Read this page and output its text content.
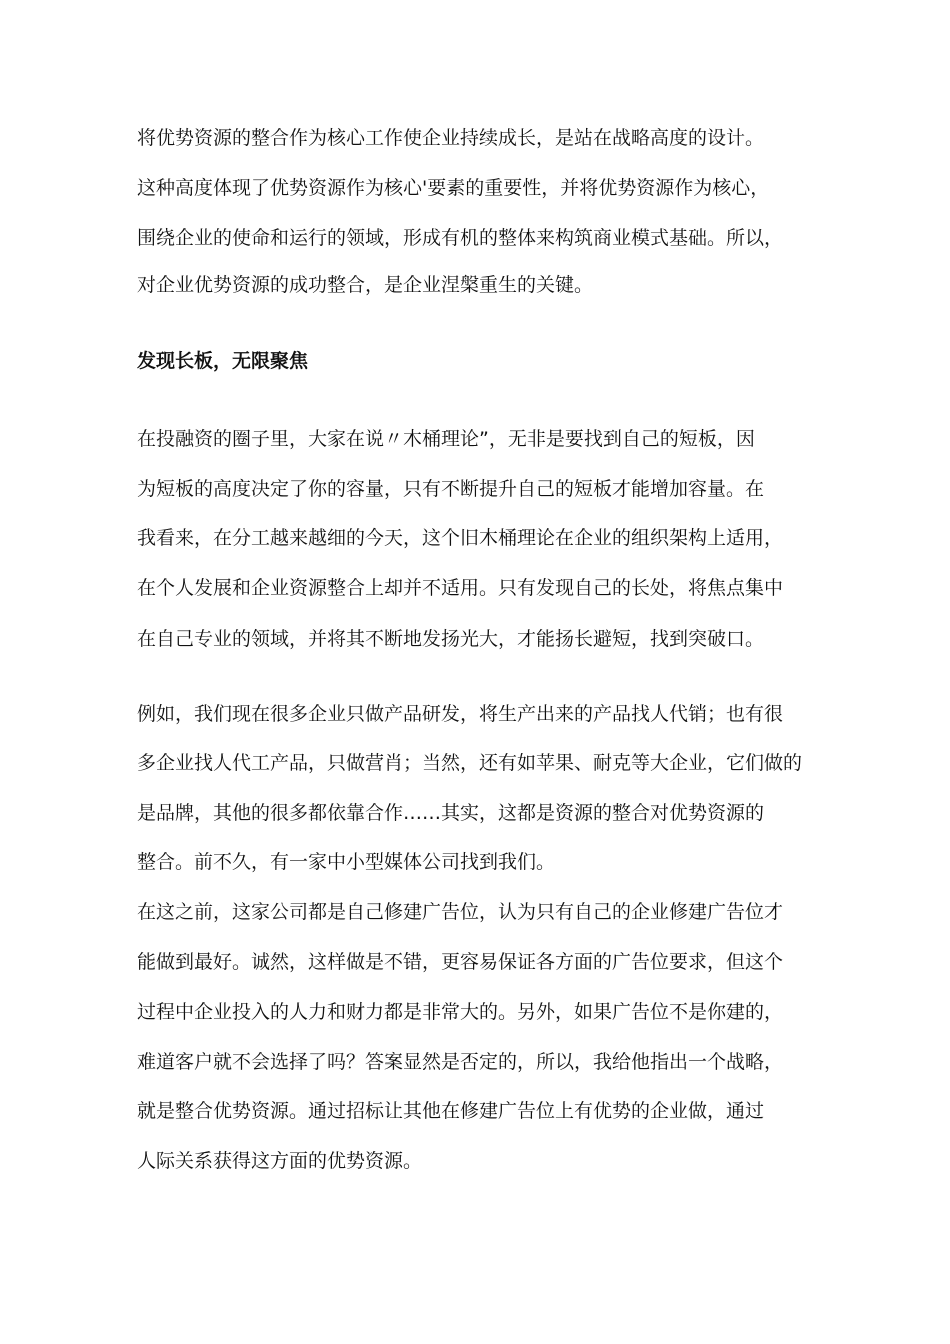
将优势资源的整合作为核心工作使企业持续成长，是站在战略高度的设计。
这种高度体现了优势资源作为核心'要素的重要性，并将优势资源作为核心，
围绕企业的使命和运行的领域，形成有机的整体来构筑商业模式基础。所以，
对企业优势资源的成功整合，是企业涅槃重生的关键。
发现长板，无限聚焦
在投融资的圈子里，大家在说〃木桶理论”，无非是要找到自己的短板，因
为短板的高度决定了你的容量，只有不断提升自己的短板才能增加容量。在
我看来，在分工越来越细的今天，这个旧木桶理论在企业的组织架构上适用，
在个人发展和企业资源整合上却并不适用。只有发现自己的长处，将焦点集中
在自己专业的领域，并将其不断地发扬光大，才能扬长避短，找到突破口。
例如，我们现在很多企业只做产品研发，将生产出来的产品找人代销；也有很
多企业找人代工产品，只做营肖；当然，还有如苹果、耐克等大企业，它们做的
是品牌，其他的很多都依靠合作……其实，这都是资源的整合对优势资源的
整合。前不久，有一家中小型媒体公司找到我们。
在这之前，这家公司都是自己修建广告位，认为只有自己的企业修建广告位才
能做到最好。诚然，这样做是不错，更容易保证各方面的广告位要求，但这个
过程中企业投入的人力和财力都是非常大的。另外，如果广告位不是你建的，
难道客户就不会选择了吗？答案显然是否定的，所以，我给他指出一个战略，
就是整合优势资源。通过招标让其他在修建广告位上有优势的企业做，通过
人际关系获得这方面的优势资源。
